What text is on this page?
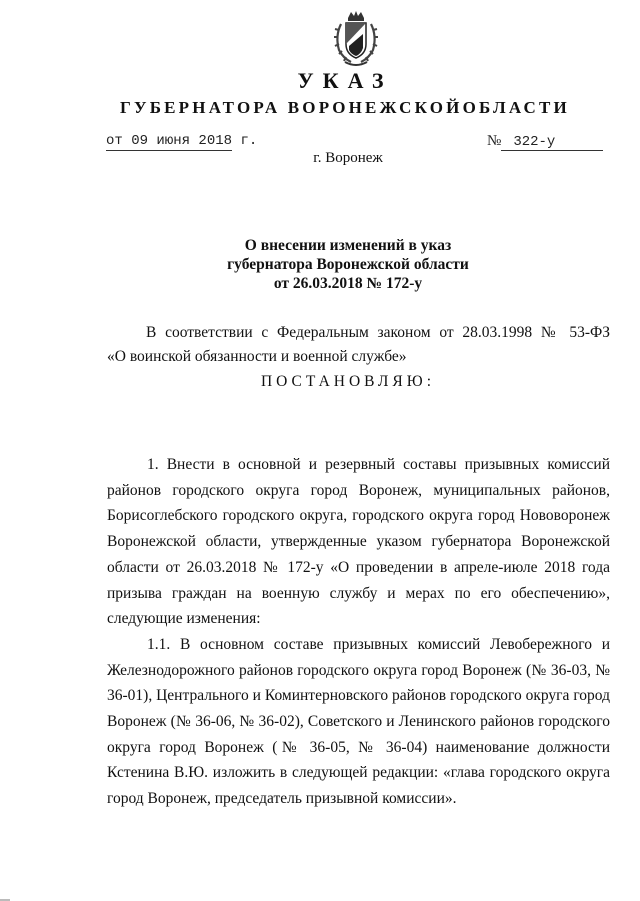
УКАЗ
ГУБЕРНАТОРА ВОРОНЕЖСКОЙОБЛАСТИ
от 09 июня 2018 г.	№ 322-у
г. Воронеж
О внесении изменений в указ
губернатора Воронежской области
от 26.03.2018 № 172-у
В соответствии с Федеральным законом от 28.03.1998 № 53-ФЗ
«О воинской обязанности и военной службе»
ПОСТАНОВЛЯЮ:

1. Внести в основной и резервный составы призывных комиссий районов городского округа город Воронеж, муниципальных районов, Борисоглебского городского округа, городского округа город Нововоронеж Воронежской области, утвержденные указом губернатора Воронежской области от 26.03.2018 № 172-у «О проведении в апреле-июле 2018 года призыва граждан на военную службу и мерах по его обеспечению», следующие изменения:

1.1. В основном составе призывных комиссий Левобережного и Железнодорожного районов городского округа город Воронеж (№ 36-03, № 36-01), Центрального и Коминтерновского районов городского округа город Воронеж (№ 36-06, № 36-02), Советского и Ленинского районов городского округа город Воронеж (№ 36-05, № 36-04) наименование должности Кстенина В.Ю. изложить в следующей редакции: «глава городского округа город Воронеж, председатель призывной комиссии».
